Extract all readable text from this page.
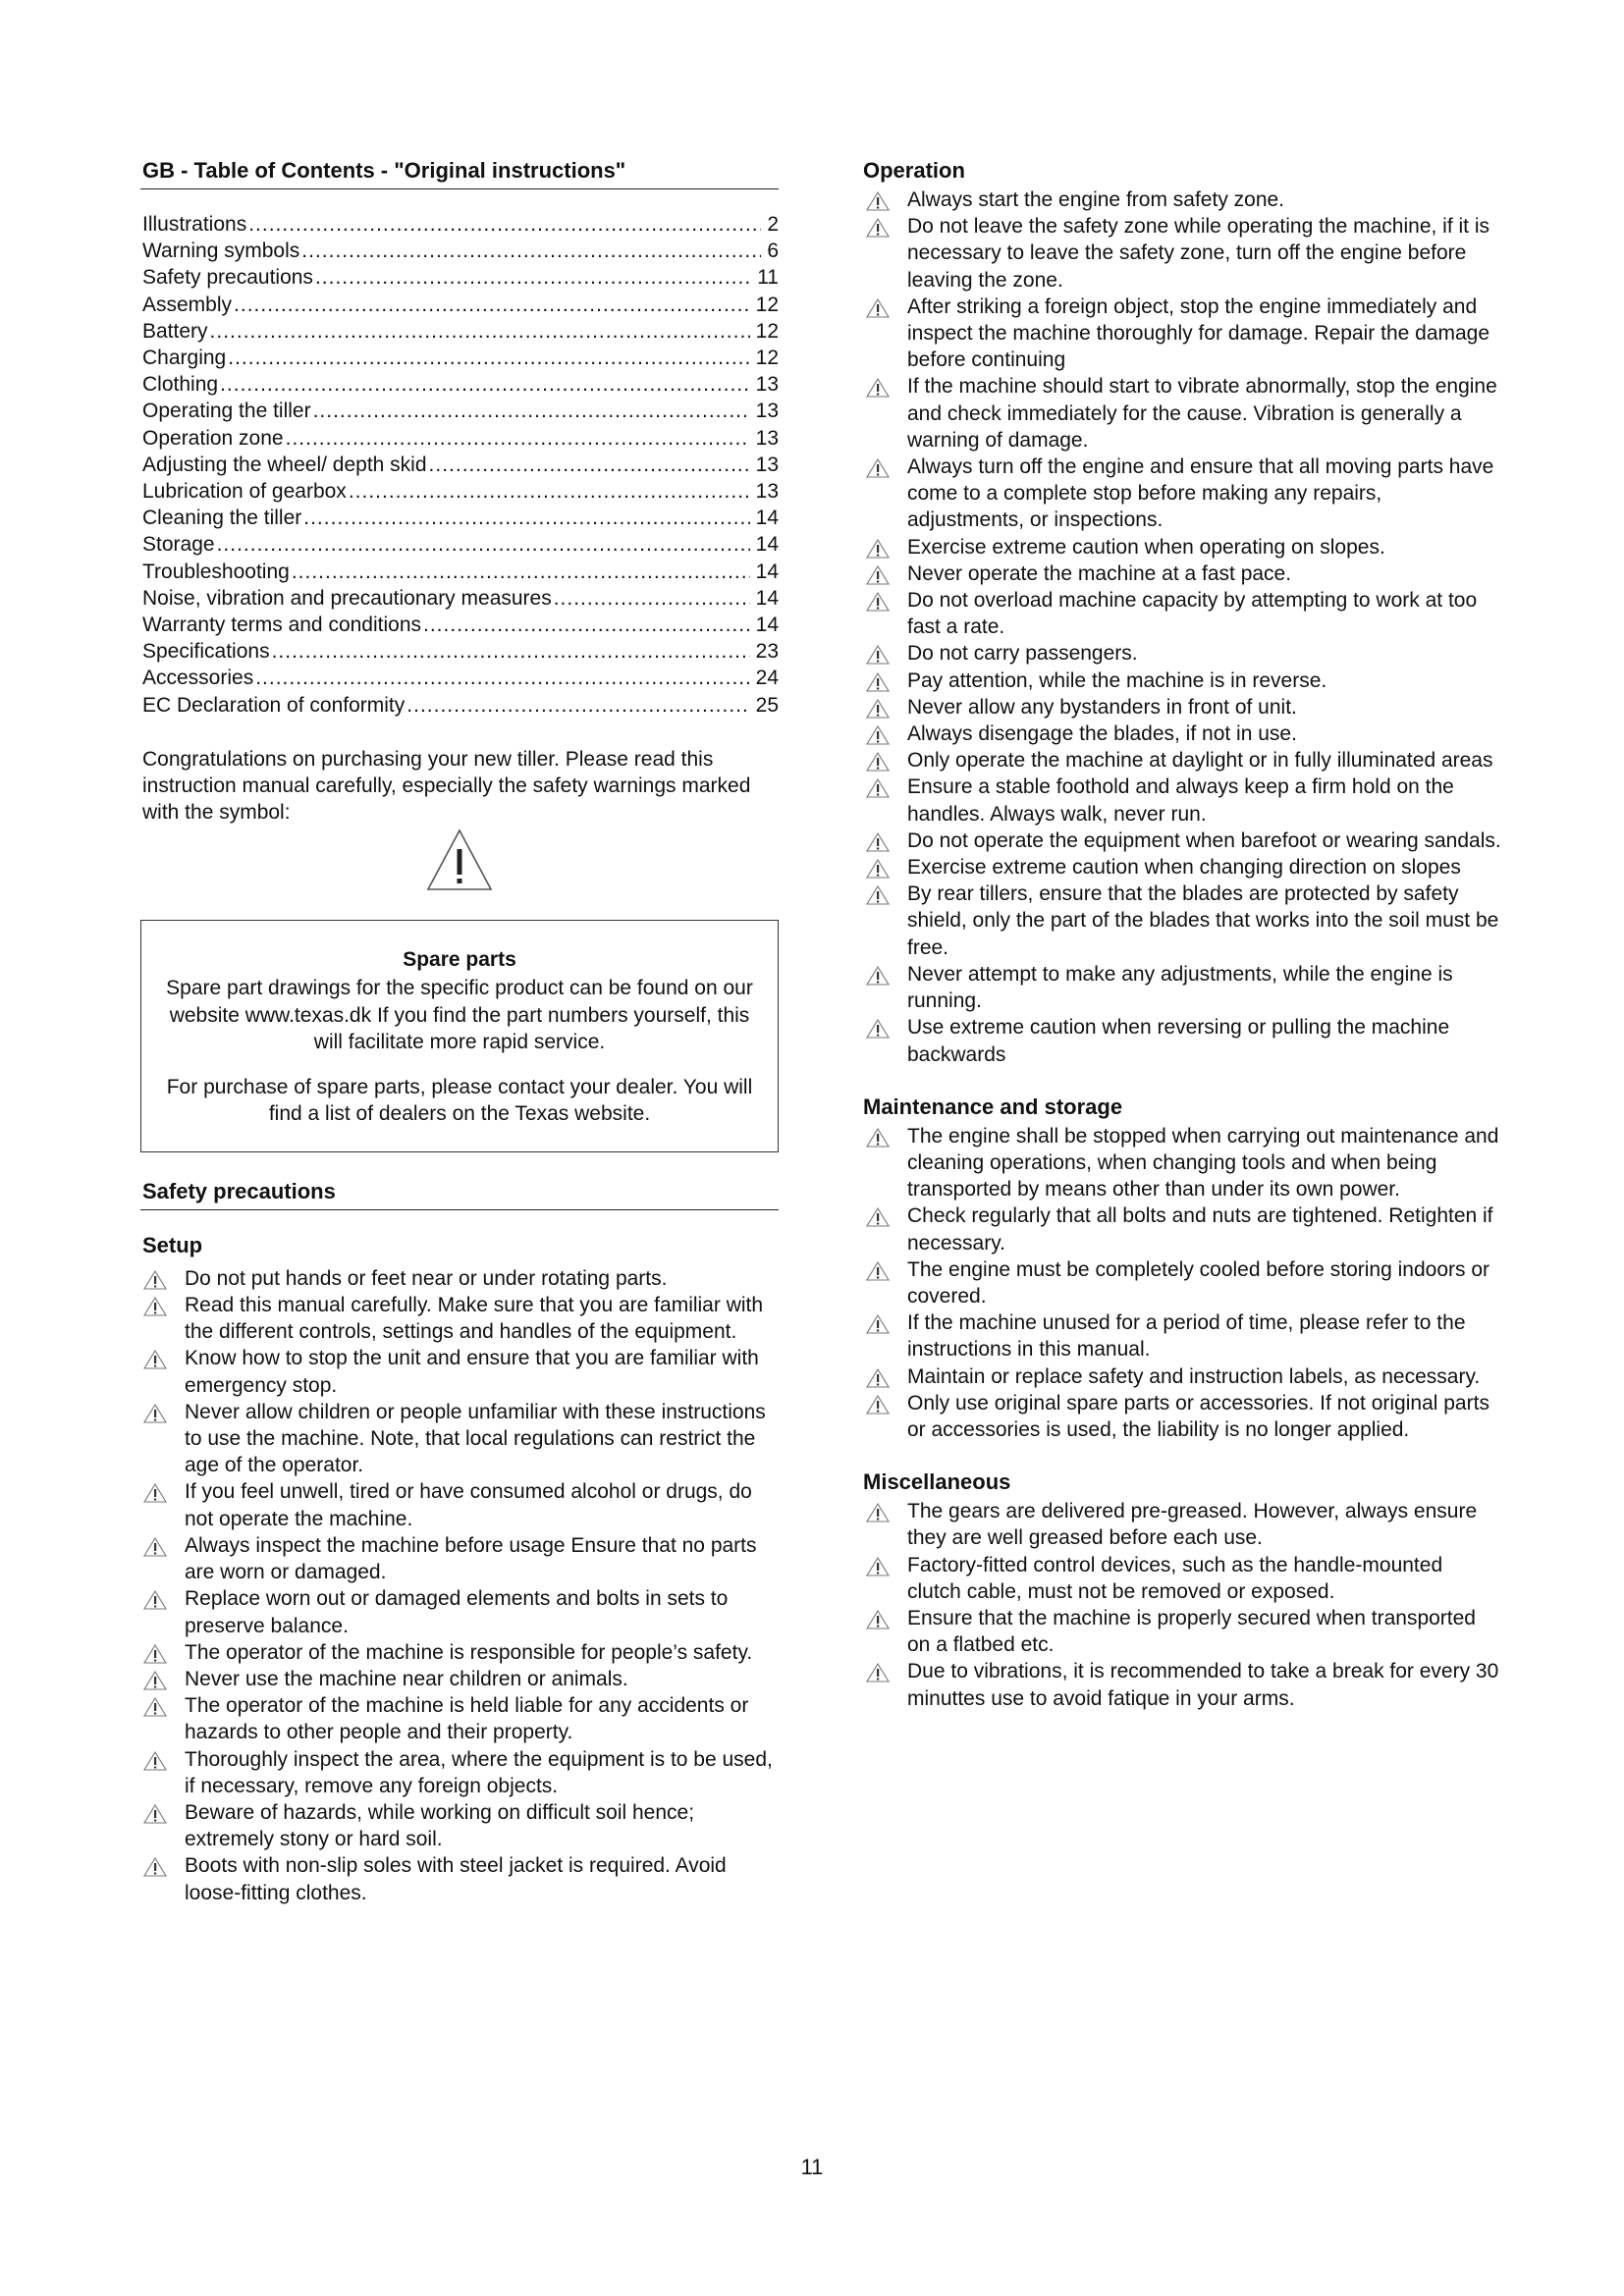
GB - Table of Contents - "Original instructions"
Illustrations .....	2
Warning symbols .....	6
Safety precautions .....	11
Assembly .....	12
Battery .....	12
Charging .....	12
Clothing .....	13
Operating the tiller .....	13
Operation zone .....	13
Adjusting the wheel/ depth skid .....	13
Lubrication of gearbox .....	13
Cleaning the tiller .....	14
Storage .....	14
Troubleshooting .....	14
Noise, vibration and precautionary measures .....	14
Warranty terms and conditions .....	14
Specifications .....	23
Accessories .....	24
EC Declaration of conformity .....	25
Congratulations on purchasing your new tiller. Please read this instruction manual carefully, especially the safety warnings marked with the symbol:
Spare parts
Spare part drawings for the specific product can be found on our website www.texas.dk If you find the part numbers yourself, this will facilitate more rapid service.
For purchase of spare parts, please contact your dealer. You will find a list of dealers on the Texas website.
Safety precautions
Setup
Do not put hands or feet near or under rotating parts.
Read this manual carefully. Make sure that you are familiar with the different controls, settings and handles of the equipment.
Know how to stop the unit and ensure that you are familiar with emergency stop.
Never allow children or people unfamiliar with these instructions to use the machine. Note, that local regulations can restrict the age of the operator.
If you feel unwell, tired or have consumed alcohol or drugs, do not operate the machine.
Always inspect the machine before usage Ensure that no parts are worn or damaged.
Replace worn out or damaged elements and bolts in sets to preserve balance.
The operator of the machine is responsible for people’s safety.
Never use the machine near children or animals.
The operator of the machine is held liable for any accidents or hazards to other people and their property.
Thoroughly inspect the area, where the equipment is to be used, if necessary, remove any foreign objects.
Beware of hazards, while working on difficult soil hence; extremely stony or hard soil.
Boots with non-slip soles with steel jacket is required. Avoid loose-fitting clothes.
Operation
Always start the engine from safety zone.
Do not leave the safety zone while operating the machine, if it is necessary to leave the safety zone, turn off the engine before leaving the zone.
After striking a foreign object, stop the engine immediately and inspect the machine thoroughly for damage. Repair the damage before continuing
If the machine should start to vibrate abnormally, stop the engine and check immediately for the cause. Vibration is generally a warning of damage.
Always turn off the engine and ensure that all moving parts have come to a complete stop before making any repairs, adjustments, or inspections.
Exercise extreme caution when operating on slopes.
Never operate the machine at a fast pace.
Do not overload machine capacity by attempting to work at too fast a rate.
Do not carry passengers.
Pay attention, while the machine is in reverse.
Never allow any bystanders in front of unit.
Always disengage the blades, if not in use.
Only operate the machine at daylight or in fully illuminated areas
Ensure a stable foothold and always keep a firm hold on the handles. Always walk, never run.
Do not operate the equipment when barefoot or wearing sandals.
Exercise extreme caution when changing direction on slopes
By rear tillers, ensure that the blades are protected by safety shield, only the part of the blades that works into the soil must be free.
Never attempt to make any adjustments, while the engine is running.
Use extreme caution when reversing or pulling the machine backwards
Maintenance and storage
The engine shall be stopped when carrying out maintenance and cleaning operations, when changing tools and when being transported by means other than under its own power.
Check regularly that all bolts and nuts are tightened. Retighten if necessary.
The engine must be completely cooled before storing indoors or covered.
If the machine unused for a period of time, please refer to the instructions in this manual.
Maintain or replace safety and instruction labels, as necessary.
Only use original spare parts or accessories. If not original parts or accessories is used, the liability is no longer applied.
Miscellaneous
The gears are delivered pre-greased. However, always ensure they are well greased before each use.
Factory-fitted control devices, such as the handle-mounted clutch cable, must not be removed or exposed.
Ensure that the machine is properly secured when transported on a flatbed etc.
Due to vibrations, it is recommended to take a break for every 30 minuttes use to avoid fatique in your arms.
11
